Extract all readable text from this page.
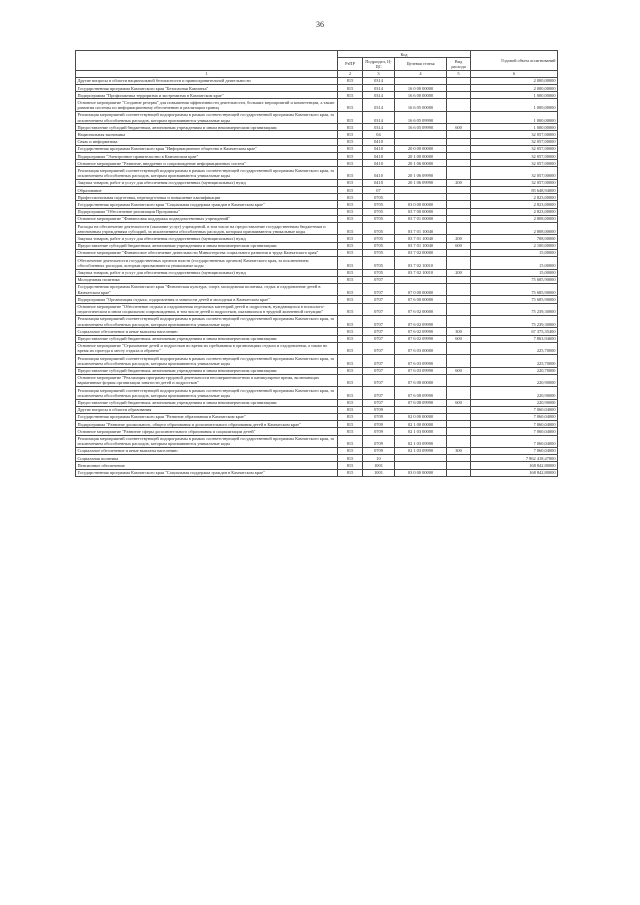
36
	Код				Годовой объем ассигнований
	РзПР	Подраздел, Ц-ЦС	Целевая статья	Вид расхода	
1	2	3	4	5	6
Другие вопросы в области национальной безопасности и правоохранительной деятельности	815	0314			2 000,00000
Государственная программа Камчатского края "Безопасная Камчатка"	815	0314	16 0 00 00000		2 000,00000
Подпрограмма "Профилактика терроризма и экстремизма в Камчатском крае"	815	0314	16 6 00 00000		1 000,00000
Основное мероприятие "Создание резерва" для повышения эффективности деятельности, больших мероприятий и компетенции, а также развития системы по информационному обеспечению и реализации границ	815	0314	16 6 05 00000		1 000,00000
Реализация мероприятий соответствующей подпрограммы в рамках соответствующей государственной программы Камчатского края, за исключением обособленных расходов, которым присваиваются уникальные коды	815	0314	16 6 05 09990		1 000,00000
Предоставление субсидий бюджетным, автономным учреждениям и иным некоммерческим организациям	815	0314	16 6 05 09990	600	1 000,00000
Национальная экономика	815	04			32 057,00000
Связь и информатика	815	0410			32 057,00000
Государственная программа Камчатского края "Информационное общество в Камчатском крае"	815	0410	20 0 00 00000		32 057,00000
Подпрограмма "Электронное правительство в Камчатском крае"	815	0410	20 1 00 00000		32 057,00000
Основное мероприятие "Развитие, внедрение и сопровождение информационных систем"	815	0410	20 1 06 00000		32 057,00000
Реализация мероприятий соответствующей подпрограммы в рамках соответствующей государственной программы Камчатского края, за исключением обособленных расходов, которым присваиваются уникальные коды	815	0410	20 1 06 09990		32 057,00000
Закупка товаров, работ и услуг для обеспечения государственных (муниципальных) нужд	815	0410	20 1 06 09990	200	32 057,00000
Образование	815	07			85 648,94000
Профессиональная подготовка, переподготовка и повышение квалификации	815	0705			2 823,00000
Государственная программа Камчатского края "Социальная поддержка граждан в Камчатском крае"	815	0705	03 0 00 00000		2 823,00000
Подпрограмма "Обеспечение реализации Программы"	815	0705	03 7 00 00000		2 823,00000
Основное мероприятие "Финансовая поддержка подведомственных учреждений"	815	0705	03 7 01 00000		2 808,00000
Расходы на обеспечение деятельности (оказание услуг) учреждений, в том числе на предоставление государственным бюджетным и автономным учреждениям субсидий, за исключением обособленных расходов, которым присваиваются уникальные коды	815	0705	03 7 01 10040		2 808,00000
Закупка товаров, работ и услуг для обеспечения государственных (муниципальных) нужд	815	0705	03 7 01 10040	200	708,00000
Предоставление субсидий бюджетным, автономным учреждениям и иным некоммерческим организациям	815	0705	03 7 01 10040	600	2 100,00000
Основное мероприятие "Финансовое обеспечение деятельности Министерства социального развития и труда Камчатского края"	815	0705	03 7 02 00000		15,00000
Обеспечение деятельности государственных органов власти (государственных органов) Камчатского края, за исключением обособленных расходов, которым присваиваются уникальные коды	815	0705	03 7 02 10010		15,00000
Закупка товаров, работ и услуг для обеспечения государственных (муниципальных) нужд	815	0705	03 7 02 10010	200	15,00000
Молодежная политика	815	0707			75 685,90000
Государственная программа Камчатского края "Физическая культура, спорт, молодежная политика, отдых и оздоровление детей в Камчатском крае"	815	0707	07 0 00 00000		75 685,90000
Подпрограмма "Организация отдыха, оздоровления и занятости детей и молодежи в Камчатском крае"	815	0707	07 6 00 00000		75 685,90000
Основное мероприятие "Обеспечение отдыха и оздоровления отдельных категорий детей и подростков, нуждающихся в психолого-педагогическом и ином социальном сопровождении, в том числе детей и подростков, оказавшихся в трудной жизненной ситуации"	815	0707	07 6 02 00000		75 239,30000
Реализация мероприятий соответствующей подпрограммы в рамках соответствующей государственной программы Камчатского края, за исключением обособленных расходов, которым присваиваются уникальные коды	815	0707	07 6 02 09990		75 239,30000
Социальное обеспечение и иные выплаты населению	815	0707	07 6 02 09990	300	67 375,35400
Предоставление субсидий бюджетным, автономным учреждениям и иным некоммерческим организациям	815	0707	07 6 02 09990	600	7 863,94600
Основное мероприятие "Страхование детей и подростков во время их пребывания в организациях отдыха и оздоровления, а также во время их проезда к месту отдыха и обратно"	815	0707	07 6 03 00000		225,70000
Реализация мероприятий соответствующей подпрограммы в рамках соответствующей государственной программы Камчатского края, за исключением обособленных расходов, которым присваиваются уникальные коды	815	0707	07 6 03 09990		225,70000
Предоставление субсидий бюджетным, автономным учреждениям и иным некоммерческим организациям	815	0707	07 6 03 09990	600	220,70000
Основное мероприятие "Реализация программ трудовой деятельности несовершеннолетних в каникулярное время, включающих вариативные формы организации занятости детей и подростков"	815	0707	07 6 08 00000		220,90000
Реализация мероприятий соответствующей подпрограммы в рамках соответствующей государственной программы Камчатского края, за исключением обособленных расходов, которым присваиваются уникальные коды	815	0707	07 6 08 09990		220,90000
Предоставление субсидий бюджетным, автономным учреждениям и иным некоммерческим организациям	815	0707	07 6 08 09990	600	220,90000
Другие вопросы в области образования	815	0709			7 060,04000
Государственная программа Камчатского края "Развитие образования в Камчатском крае"	815	0709	02 0 00 00000		7 060,04000
Подпрограмма "Развитие дошкольного, общего образования и дополнительного образования детей в Камчатском крае"	815	0709	02 1 00 00000		7 060,04000
Основное мероприятие "Развитие сферы дополнительного образования и социализации детей"	815	0709	02 1 03 00000		7 060,04000
Реализация мероприятий соответствующей подпрограммы в рамках соответствующей государственной программы Камчатского края, за исключением обособленных расходов, которым присваиваются уникальные коды	815	0709	02 1 03 09990		7 060,04000
Социальное обеспечение и иные выплаты населению	815	0709	02 1 03 09990	300	7 060,04000
Социальная политика	815	10			7 862 418,47000
Пенсионное обеспечение	815	1001			168 842,80000
Государственная программа Камчатского края "Социальная поддержка граждан в Камчатском крае"	815	1001	03 0 00 00000		168 842,80000
